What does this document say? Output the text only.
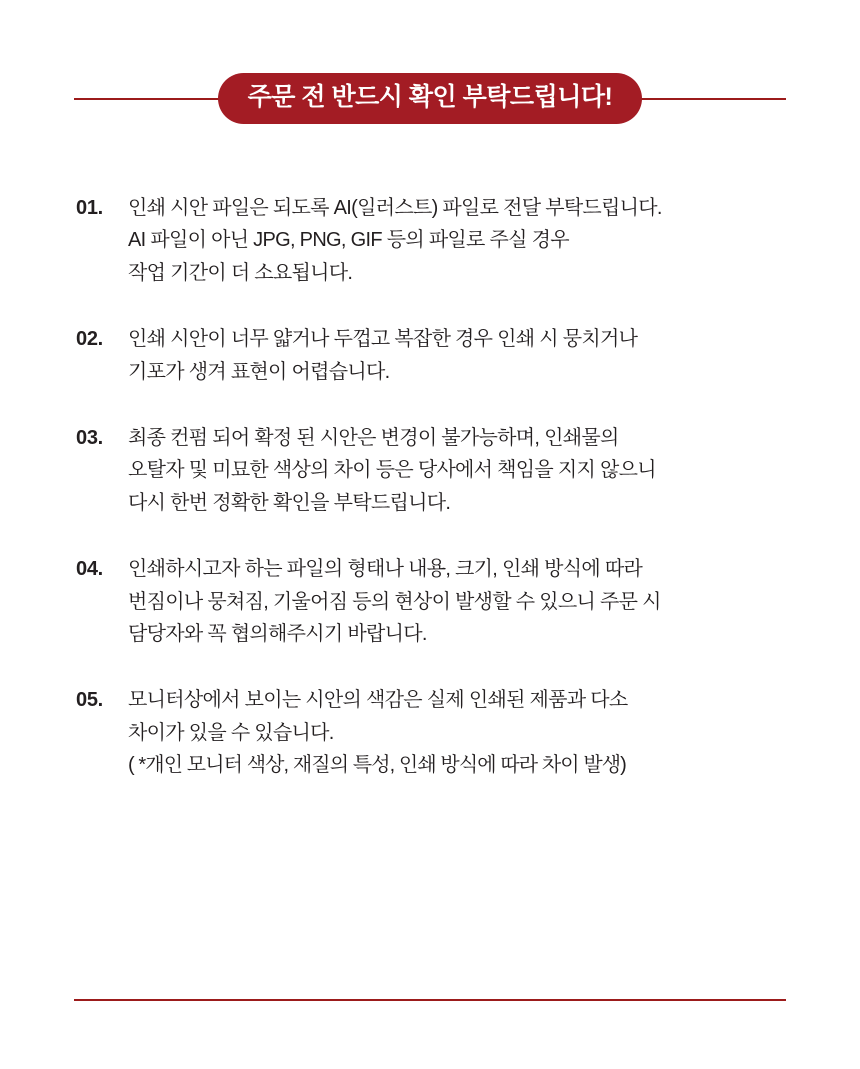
주문 전 반드시 확인 부탁드립니다!
01.	인쇄 시안 파일은 되도록 AI(일러스트) 파일로 전달 부탁드립니다.
AI 파일이 아닌 JPG, PNG, GIF 등의 파일로 주실 경우
작업 기간이 더 소요됩니다.
02.	인쇄 시안이 너무 얇거나 두껍고 복잡한 경우 인쇄 시 뭉치거나
기포가 생겨 표현이 어렵습니다.
03.	최종 컨펌 되어 확정 된 시안은 변경이 불가능하며, 인쇄물의
오탈자 및 미묘한 색상의 차이 등은 당사에서 책임을 지지 않으니
다시 한번 정확한 확인을 부탁드립니다.
04.	인쇄하시고자 하는 파일의 형태나 내용, 크기, 인쇄 방식에 따라
번짐이나 뭉쳐짐, 기울어짐 등의 현상이 발생할 수 있으니 주문 시
담당자와 꼭 협의해주시기 바랍니다.
05.	모니터상에서 보이는 시안의 색감은 실제 인쇄된 제품과 다소
차이가 있을 수 있습니다.
( *개인 모니터 색상, 재질의 특성, 인쇄 방식에 따라 차이 발생)
